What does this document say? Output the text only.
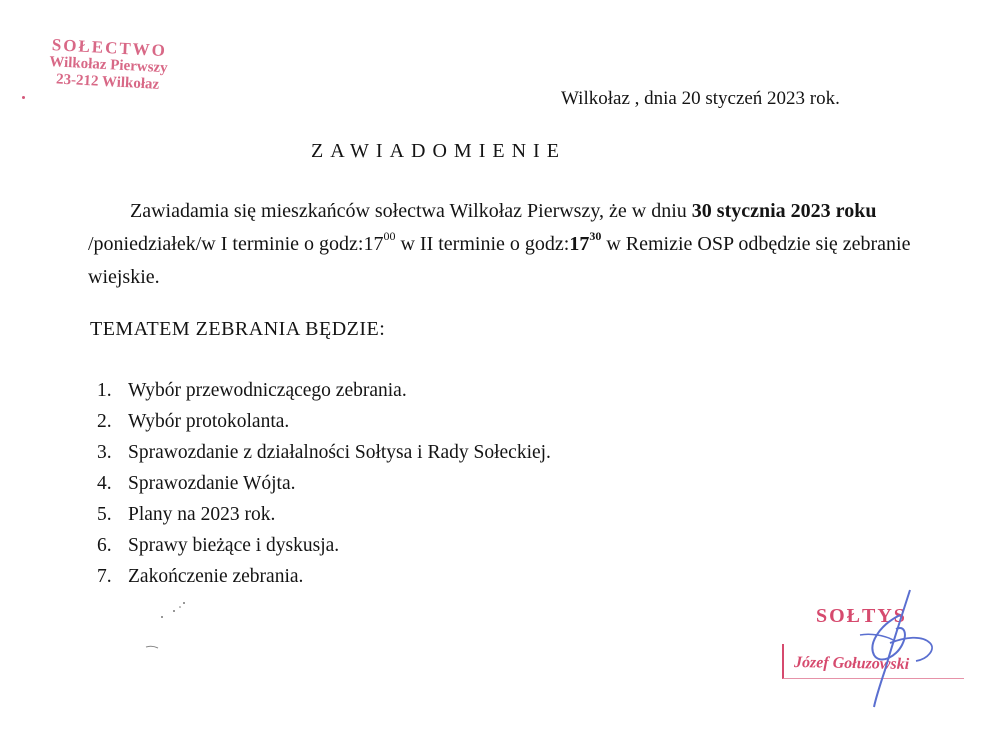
SOŁECTWO
Wilkołaz Pierwszy
23-212 Wilkołaz
Wilkołaz , dnia 20 styczeń 2023 rok.
ZAWIADOMIENIE
Zawiadamia się mieszkańców sołectwa Wilkołaz Pierwszy, że w dniu 30 stycznia 2023 roku /poniedziałek/w I terminie o $godz:17^{00}$ w II terminie o $godz:17^{30}$ w Remizie OSP odbędzie się zebranie wiejskie.
TEMATEM ZEBRANIA BĘDZIE:
1. Wybór przewodniczącego zebrania.
2. Wybór protokolanta.
3. Sprawozdanie z działalności Sołtysa i Rady Sołeckiej.
4. Sprawozdanie Wójta.
5. Plany na 2023 rok.
6. Sprawy bieżące i dyskusja.
7. Zakończenie zebrania.
SOŁTYS
Józef Gołuzowski
